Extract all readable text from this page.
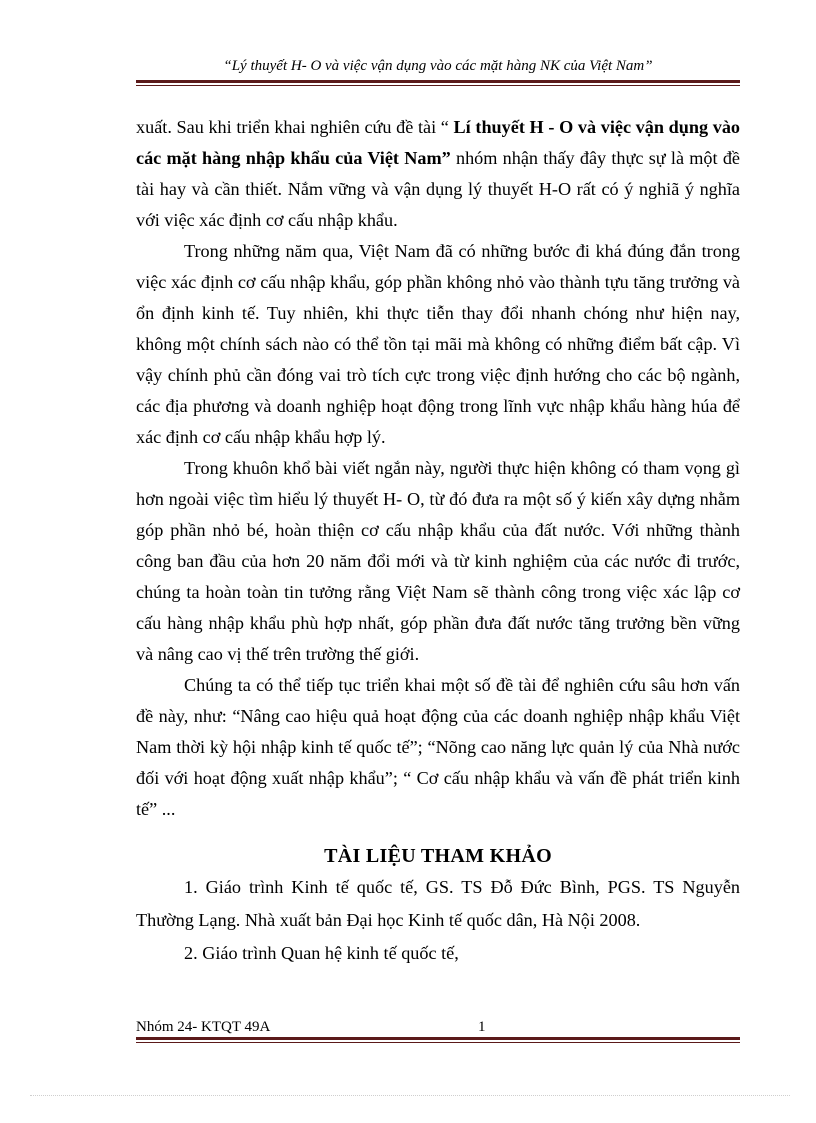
“Lý thuyết H- O và việc vận dụng vào các mặt hàng NK của Việt Nam”

xuất. Sau khi triển khai nghiên cứu đề tài “ Lí thuyết H - O và việc vận dụng vào các mặt hàng nhập khẩu của Việt Nam” nhóm nhận thấy đây thực sự là một đề tài hay và cần thiết. Nắm vững và vận dụng lý thuyết H-O rất có ý nghiã ý nghĩa với việc xác định cơ cấu nhập khẩu.

Trong những năm qua, Việt Nam đã có những bước đi khá đúng đắn trong việc xác định cơ cấu nhập khẩu, góp phần không nhỏ vào thành tựu tăng trưởng và ổn định kinh tế. Tuy nhiên, khi thực tiễn thay đổi nhanh chóng như hiện nay, không một chính sách nào có thể tồn tại mãi mà không có những điểm bất cập. Vì vậy chính phủ cần đóng vai trò tích cực trong việc định hướng cho các bộ ngành, các địa phương và doanh nghiệp hoạt động trong lĩnh vực nhập khẩu hàng húa để xác định cơ cấu nhập khẩu hợp lý.

Trong khuôn khổ bài viết ngắn này, người thực hiện không có tham vọng gì hơn ngoài việc tìm hiểu lý thuyết H- O, từ đó đưa ra một số ý kiến xây dựng nhằm góp phần nhỏ bé, hoàn thiện cơ cấu nhập khẩu của đất nước. Với những thành công ban đầu của hơn 20 năm đổi mới và từ kinh nghiệm của các nước đi trước, chúng ta hoàn toàn tin tưởng rằng Việt Nam sẽ thành công trong việc xác lập cơ cấu hàng nhập khẩu phù hợp nhất, góp phần đưa đất nước tăng trưởng bền vững và nâng cao vị thế trên trường thế giới.

Chúng ta có thể tiếp tục triển khai một số đề tài để nghiên cứu sâu hơn vấn đề này, như: “Nâng cao hiệu quả hoạt động của các doanh nghiệp nhập khẩu Việt Nam thời kỳ hội nhập kinh tế quốc tế”; “Nõng cao năng lực quản lý của Nhà nước đối với hoạt động xuất nhập khẩu”; “ Cơ cấu nhập khẩu và vấn đề phát triển kinh tế” ...

TÀI LIỆU THAM KHẢO

1. Giáo trình Kinh tế quốc tế, GS. TS Đỗ Đức Bình, PGS. TS Nguyễn Thường Lạng. Nhà xuất bản Đại học Kinh tế quốc dân, Hà Nội 2008.

2. Giáo trình Quan hệ kinh tế quốc tế,

Nhóm 24- KTQT 49A	1
